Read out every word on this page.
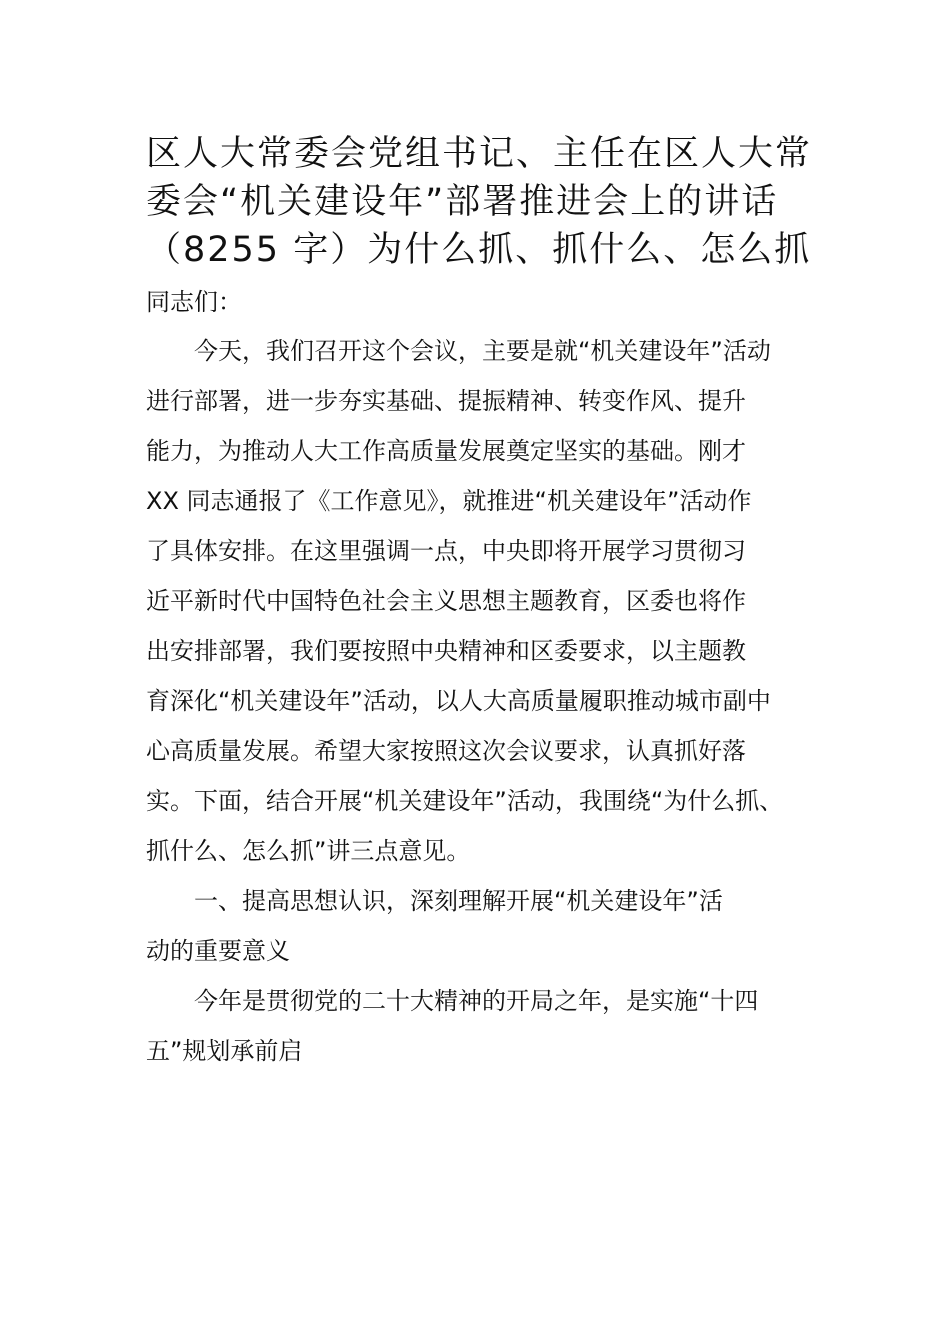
区人大常委会党组书记、主任在区人大常
委会“机关建设年”部署推进会上的讲话
（8255 字）为什么抓、抓什么、怎么抓
同志们：
今天，我们召开这个会议，主要是就“机关建设年”活动
进行部署，进一步夯实基础、提振精神、转变作风、提升
能力，为推动人大工作高质量发展奠定坚实的基础。刚才
XX 同志通报了《工作意见》，就推进“机关建设年”活动作
了具体安排。在这里强调一点，中央即将开展学习贯彻习
近平新时代中国特色社会主义思想主题教育，区委也将作
出安排部署，我们要按照中央精神和区委要求，以主题教
育深化“机关建设年”活动，以人大高质量履职推动城市副中
心高质量发展。希望大家按照这次会议要求，认真抓好落
实。下面，结合开展“机关建设年”活动，我围绕“为什么抓、
抓什么、怎么抓”讲三点意见。
一、提高思想认识，深刻理解开展“机关建设年”活
动的重要意义
今年是贯彻党的二十大精神的开局之年，是实施“十四
五”规划承前启
